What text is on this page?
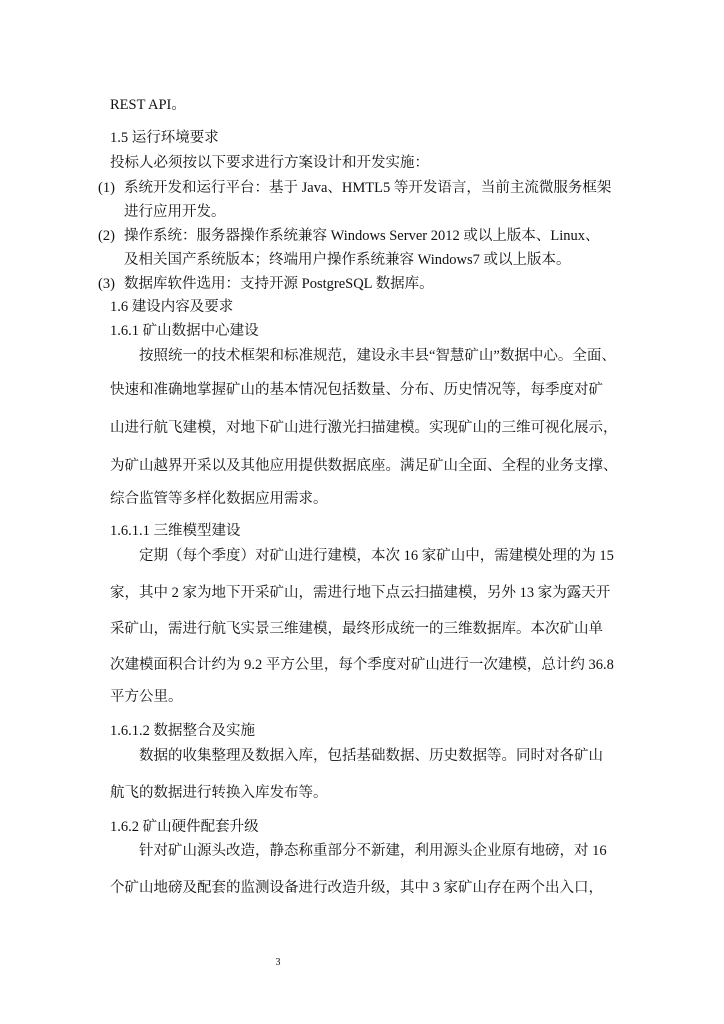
REST API。
1.5 运行环境要求
投标人必须按以下要求进行方案设计和开发实施：
(1) 系统开发和运行平台：基于 Java、HMTL5 等开发语言，当前主流微服务框架
进行应用开发。
(2) 操作系统：服务器操作系统兼容 Windows Server 2012 或以上版本、Linux、
及相关国产系统版本；终端用户操作系统兼容 Windows7 或以上版本。
(3) 数据库软件选用：支持开源 PostgreSQL 数据库。
1.6 建设内容及要求
1.6.1 矿山数据中心建设
按照统一的技术框架和标准规范，建设永丰县“智慧矿山”数据中心。全面、
快速和准确地掌握矿山的基本情况包括数量、分布、历史情况等，每季度对矿
山进行航飞建模，对地下矿山进行激光扫描建模。实现矿山的三维可视化展示，
为矿山越界开采以及其他应用提供数据底座。满足矿山全面、全程的业务支撑、
综合监管等多样化数据应用需求。
1.6.1.1 三维模型建设
定期（每个季度）对矿山进行建模，本次 16 家矿山中，需建模处理的为 15
家，其中 2 家为地下开采矿山，需进行地下点云扫描建模，另外 13 家为露天开
采矿山，需进行航飞实景三维建模，最终形成统一的三维数据库。本次矿山单
次建模面积合计约为 9.2 平方公里，每个季度对矿山进行一次建模，总计约 36.8
平方公里。
1.6.1.2 数据整合及实施
数据的收集整理及数据入库，包括基础数据、历史数据等。同时对各矿山
航飞的数据进行转换入库发布等。
1.6.2 矿山硬件配套升级
针对矿山源头改造，静态称重部分不新建，利用源头企业原有地磅，对 16
个矿山地磅及配套的监测设备进行改造升级，其中 3 家矿山存在两个出入口，
3
